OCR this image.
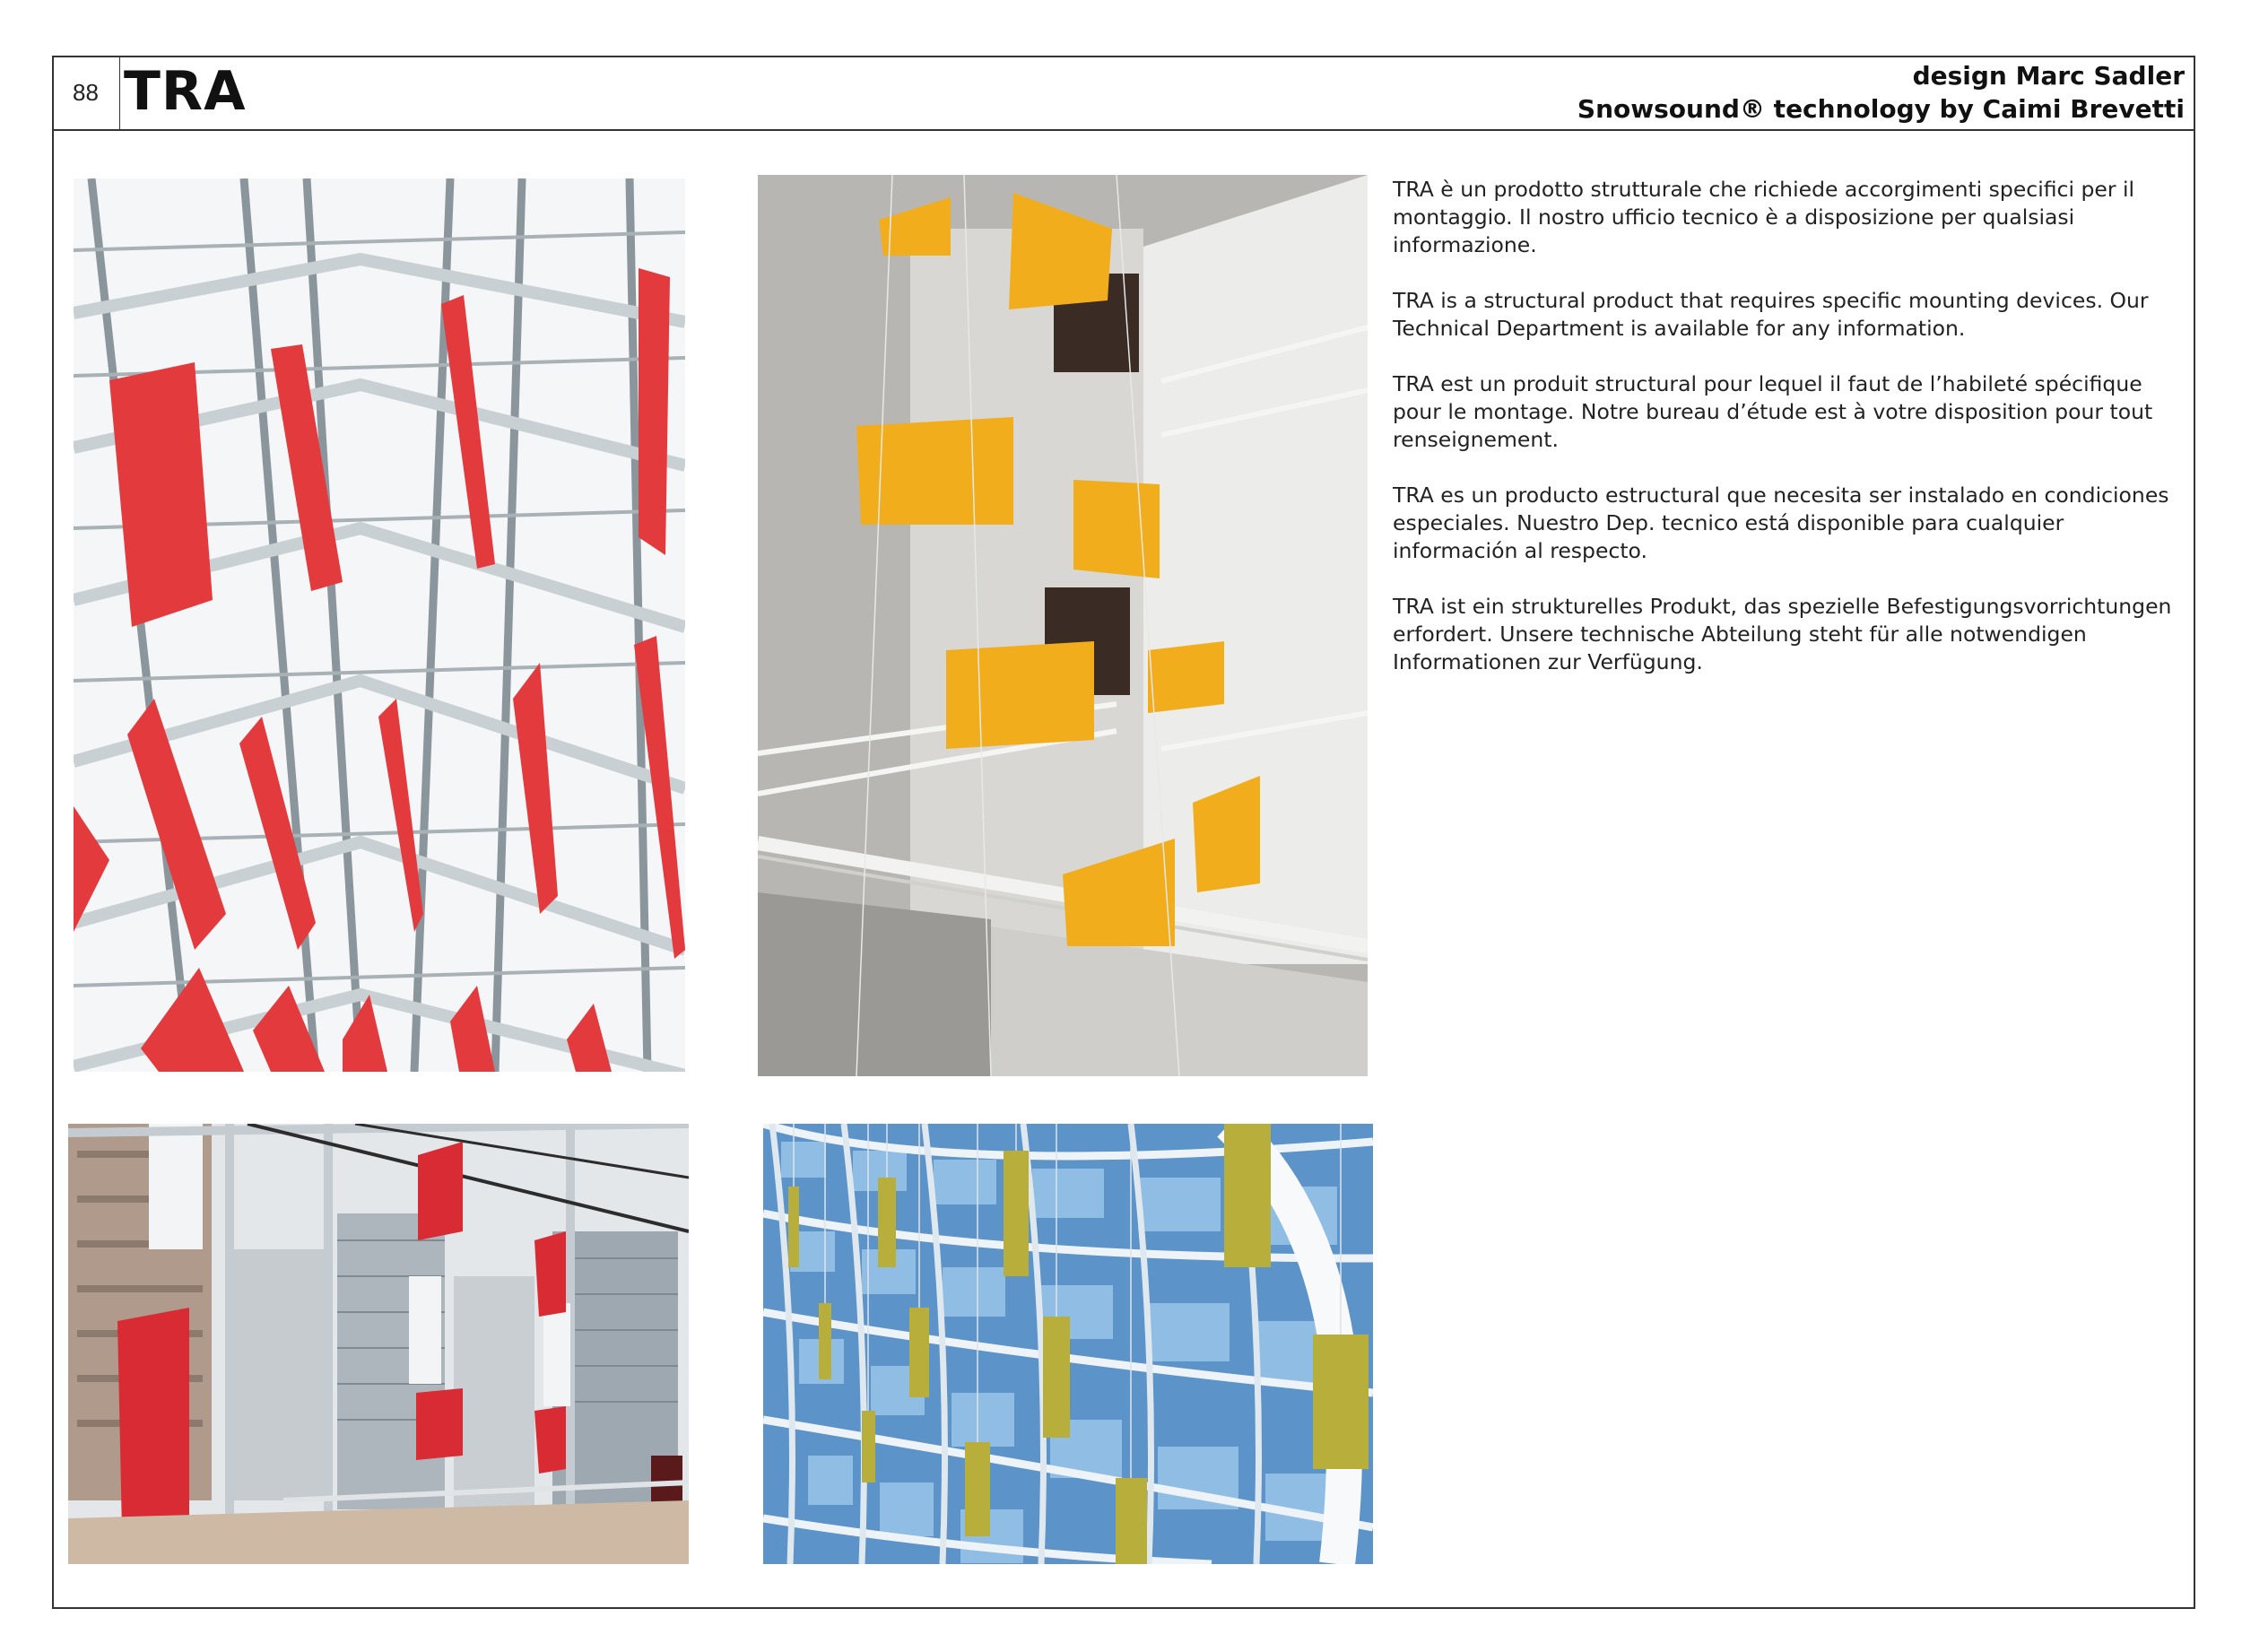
88 TRA	design Marc Sadler
Snowsound® technology by Caimi Brevetti

TRA è un prodotto strutturale che richiede accorgimenti specifici per il montaggio. Il nostro ufficio tecnico è a disposizione per qualsiasi informazione.

TRA is a structural product that requires specific mounting devices. Our Technical Department is available for any information.

TRA est un produit structural pour lequel il faut de l’habileté spécifique pour le montage. Notre bureau d’étude est à votre disposition pour tout renseignement.

TRA es un producto estructural que necesita ser instalado en condiciones especiales. Nuestro Dep. tecnico está disponible para cualquier información al respecto.

TRA ist ein strukturelles Produkt, das spezielle Befestigungsvorrichtungen erfordert. Unsere technische Abteilung steht für alle notwendigen Informationen zur Verfügung.
